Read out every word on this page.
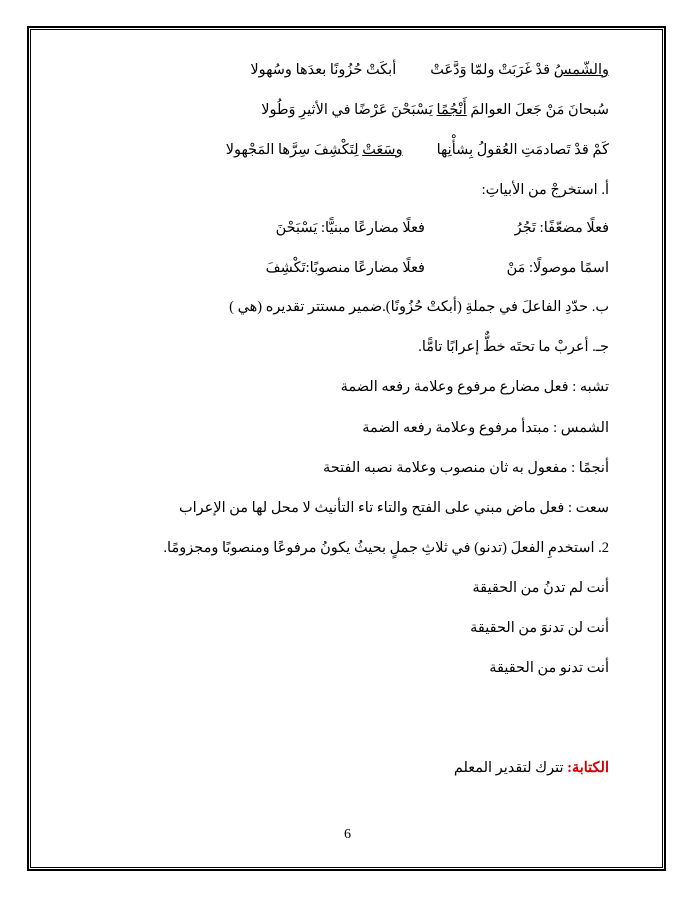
والشّمسُ قدْ غَرَبَتْ ولمّا وَدَّعَتْ
أبكَتْ حُزُونًا بعدَها وسُهولا
سُبحانَ مَنْ جَعلَ العوالمَ أَنْجُمًا يَسْبَحْنَ عَرْضًا في الأثيرِ وَطُولا
كَمْ قدْ تَصادمَتِ العُقولُ بِشأْنِها
وسَعَتْ لِتَكْشِفَ سِرَّها المَجْهولا
أ. استخرجْ من الأبياتِ:
فعلًا مضعّفًا: تَجُرُ
فعلًا مضارعًا مبنيًّا: يَسْبَحْنَ
اسمًا موصولًا: مَنْ
فعلًا مضارعًا منصوبًا:تَكْشِفَ
ب. حدّدِ الفاعلَ في جملةِ (أبكتْ حُزُونًا).ضمير مستتر تقديره (هي )
جـ. أعربْ ما تحتَه خطٌّ إعرابًا تامًّا.
تشبه : فعل مضارع مرفوع وعلامة رفعه الضمة
الشمس : مبتدأ مرفوع وعلامة رفعه الضمة
أنجمًا : مفعول به ثان منصوب وعلامة نصبه الفتحة
سعت : فعل ماض مبني على الفتح والتاء تاء التأنيث لا محل لها من الإعراب
2. استخدمِ الفعلَ (تدنو) في ثلاثِ جملٍ بحيثُ يكونُ مرفوعًا ومنصوبًا ومجزومًا.
أنت لم تدنُ من الحقيقة
أنت لن تدنوَ من الحقيقة
أنت تدنو من الحقيقة
الكتابة: تترك لتقدير المعلم
6
